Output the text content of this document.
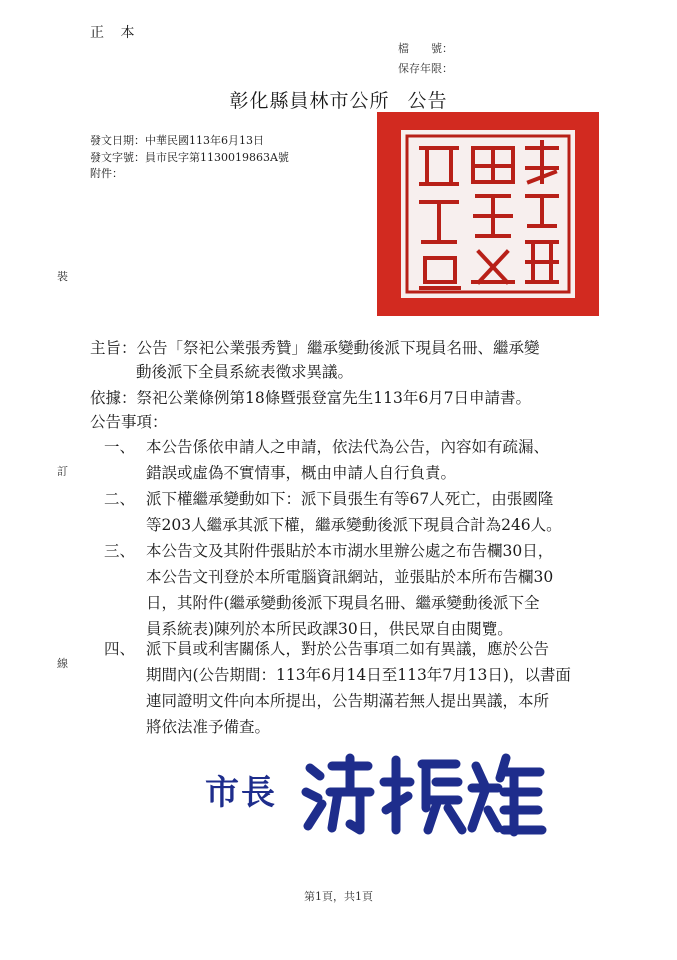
正 本
檔　　號：
保存年限：
彰化縣員林市公所 公告
發文日期：中華民國113年6月13日
發文字號：員市民字第1130019863A號
附件：
裝
訂
線
主旨：公告「祭祀公業張秀贊」繼承變動後派下現員名冊、繼承變
動後派下全員系統表徵求異議。
依據：祭祀公業條例第18條暨張登富先生113年6月7日申請書。
公告事項：
一、 本公告係依申請人之申請，依法代為公告，內容如有疏漏、
錯誤或虛偽不實情事，概由申請人自行負責。
二、 派下權繼承變動如下：派下員張生有等67人死亡，由張國隆
等203人繼承其派下權，繼承變動後派下現員合計為246人。
三、 本公告文及其附件張貼於本市湖水里辦公處之布告欄30日，
本公告文刊登於本所電腦資訊網站，並張貼於本所布告欄30
日，其附件(繼承變動後派下現員名冊、繼承變動後派下全
員系統表)陳列於本所民政課30日，供民眾自由閱覽。
四、 派下員或利害關係人，對於公告事項二如有異議，應於公告
期間內(公告期間：113年6月14日至113年7月13日)，以書面
連同證明文件向本所提出，公告期滿若無人提出異議，本所
將依法准予備查。
市長
第1頁，共1頁
